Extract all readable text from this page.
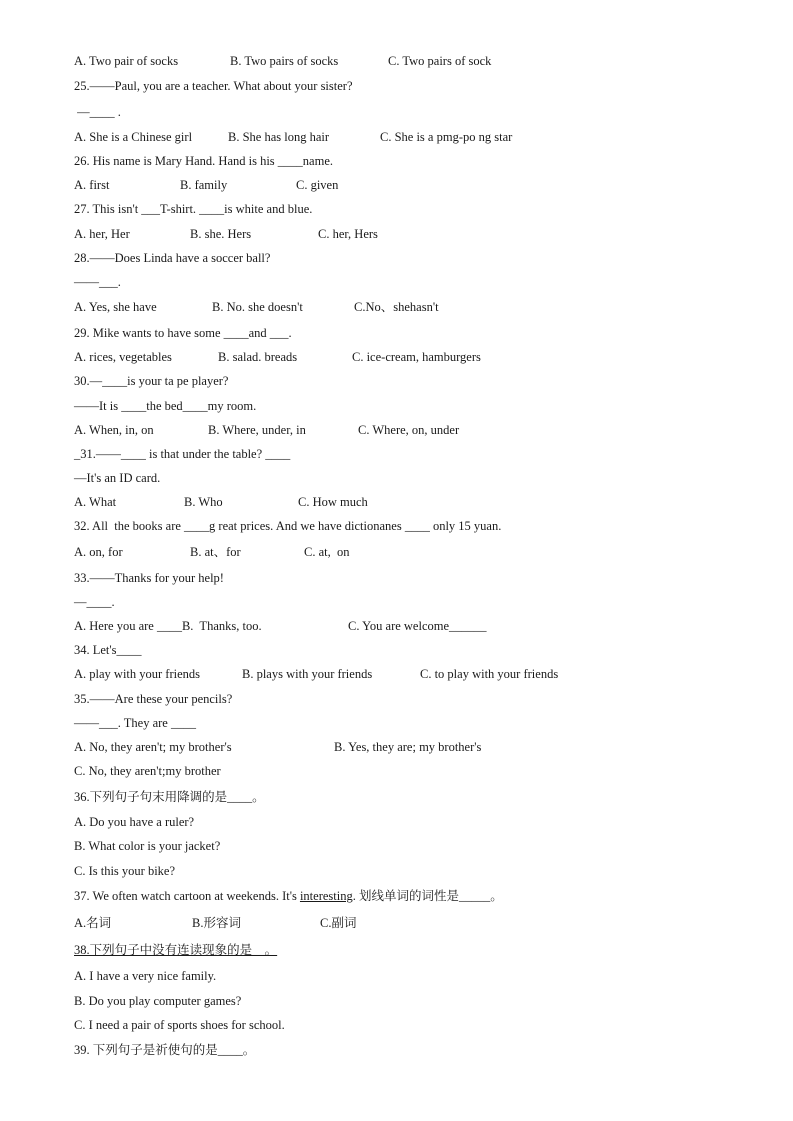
A. Two pair of socks

	B. Two pairs of socks

	C. Two pairs of sock

25.——Paul, you are a teacher. What about your sister?
—____ .

A. She is a Chinese girl

	B. She has long hair

	C. She is a pmg-po ng star

26. His name is Mary Hand. Hand is his ____name.

A. first

	B. family

	C. given

27. This isn't ___T-shirt. ____is white and blue.

A. her, Her

	B. she. Hers

	C. her, Hers

28.——Does Linda have a soccer ball?
——___.

A. Yes, she have

	B. No. she doesn't

	C.No、shehasn't

29. Mike wants to have some ____and ___.

A. rices, vegetables

	B. salad. breads

	C. ice-cream, hamburgers

30.—____is your ta pe player?
——It is ____the bed____my room.

A. When, in, on

	B. Where, under, in

	C. Where, on, under

_31.——____ is that under the table? ____
—It's an ID card.

A. What

	B. Who

	C. How much

32. All  the books are ____g reat prices. And we have dictionanes ____ only 15 yuan.

A. on, for

	B. at、for

	C. at,  on

33.——Thanks for your help!
—____.

A. Here you are ____B.  Thanks, too.

	C. You are welcome______

34. Let's____

A. play with your friends

	B. plays with your friends

	C. to play with your friends

35.——Are these your pencils?
——___. They are ____

A. No, they aren't; my brother's

	B. Yes, they are; my brother's

C. No, they aren't;my brother
36.下列句子句末用降调的是____。
A. Do you have a ruler?
B. What color is your jacket?
C. Is this your bike?
37. We often watch cartoon at weekends. It's interesting. 划线单词的词性是_____。

A.名词

	B.形容词

	C.副词

38.下列句子中没有连读现象的是__。
A. I have a very nice family.
B. Do you play computer games?
C. I need a pair of sports shoes for school.
39. 下列句子是祈使句的是____。
